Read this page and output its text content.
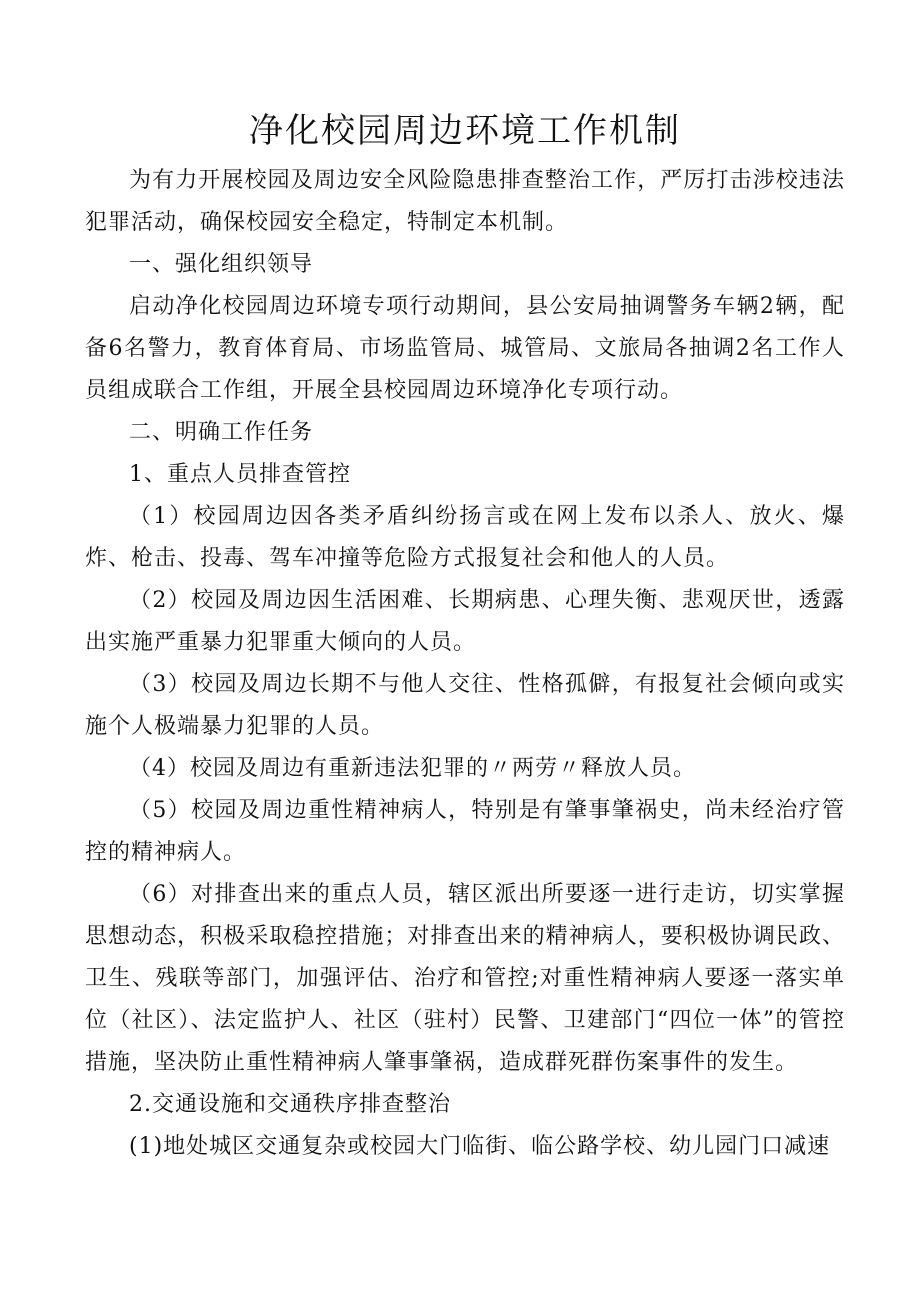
净化校园周边环境工作机制

为有力开展校园及周边安全风险隐患排查整治工作，严厉打击涉校违法犯罪活动，确保校园安全稳定，特制定本机制。

一、强化组织领导

启动净化校园周边环境专项行动期间，县公安局抽调警务车辆2辆，配备6名警力，教育体育局、市场监管局、城管局、文旅局各抽调2名工作人员组成联合工作组，开展全县校园周边环境净化专项行动。

二、明确工作任务

1、重点人员排查管控

（1）校园周边因各类矛盾纠纷扬言或在网上发布以杀人、放火、爆炸、枪击、投毒、驾车冲撞等危险方式报复社会和他人的人员。

（2）校园及周边因生活困难、长期病患、心理失衡、悲观厌世，透露出实施严重暴力犯罪重大倾向的人员。

（3）校园及周边长期不与他人交往、性格孤僻，有报复社会倾向或实施个人极端暴力犯罪的人员。

（4）校园及周边有重新违法犯罪的〃两劳〃释放人员。

（5）校园及周边重性精神病人，特别是有肇事肇祸史，尚未经治疗管控的精神病人。

（6）对排查出来的重点人员，辖区派出所要逐一进行走访，切实掌握思想动态，积极采取稳控措施；对排查出来的精神病人，要积极协调民政、卫生、残联等部门，加强评估、治疗和管控;对重性精神病人要逐一落实单位（社区）、法定监护人、社区（驻村）民警、卫建部门“四位一体”的管控措施，坚决防止重性精神病人肇事肇祸，造成群死群伤案事件的发生。

2.交通设施和交通秩序排查整治

(1)地处城区交通复杂或校园大门临街、临公路学校、幼儿园门口减速
